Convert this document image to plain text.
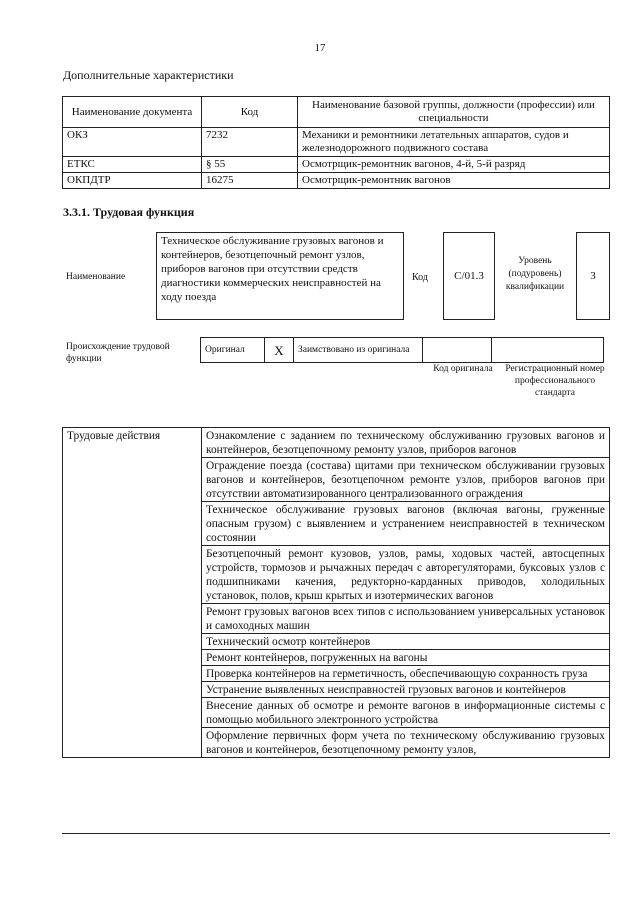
17
Дополнительные характеристики
Наименование документа	Код	Наименование базовой группы, должности (профессии) или специальности
ОКЗ	7232	Механики и ремонтники летательных аппаратов, судов и железнодорожного подвижного состава
ЕТКС	§ 55	Осмотрщик-ремонтник вагонов, 4-й, 5-й разряд
ОКПДТР	16275	Осмотрщик-ремонтник вагонов
3.3.1. Трудовая функция
Наименование
Техническое обслуживание грузовых вагонов и контейнеров, безотцепочный ремонт узлов, приборов вагонов при отсутствии средств диагностики коммерческих неисправностей на ходу поезда
Код	C/01.3
Уровень (подуровень) квалификации
3
Происхождение трудовой функции
Оригинал	X	Заимствовано из оригинала		
Код оригинала	Регистрационный номер профессионального стандарта
Трудовые действия	Ознакомление с заданием по техническому обслуживанию грузовых вагонов и контейнеров, безотцепочному ремонту узлов, приборов вагонов
Ограждение поезда (состава) щитами при техническом обслуживании грузовых вагонов и контейнеров, безотцепочном ремонте узлов, приборов вагонов при отсутствии автоматизированного централизованного ограждения
Техническое обслуживание грузовых вагонов (включая вагоны, груженные опасным грузом) с выявлением и устранением неисправностей в техническом состоянии
Безотцепочный ремонт кузовов, узлов, рамы, ходовых частей, автосцепных устройств, тормозов и рычажных передач с авторегуляторами, буксовых узлов с подшипниками качения, редукторно-карданных приводов, холодильных установок, полов, крыш крытых и изотермических вагонов
Ремонт грузовых вагонов всех типов с использованием универсальных установок и самоходных машин
Технический осмотр контейнеров
Ремонт контейнеров, погруженных на вагоны
Проверка контейнеров на герметичность, обеспечивающую сохранность груза
Устранение выявленных неисправностей грузовых вагонов и контейнеров
Внесение данных об осмотре и ремонте вагонов в информационные системы с помощью мобильного электронного устройства
Оформление первичных форм учета по техническому обслуживанию грузовых вагонов и контейнеров, безотцепочному ремонту узлов,
